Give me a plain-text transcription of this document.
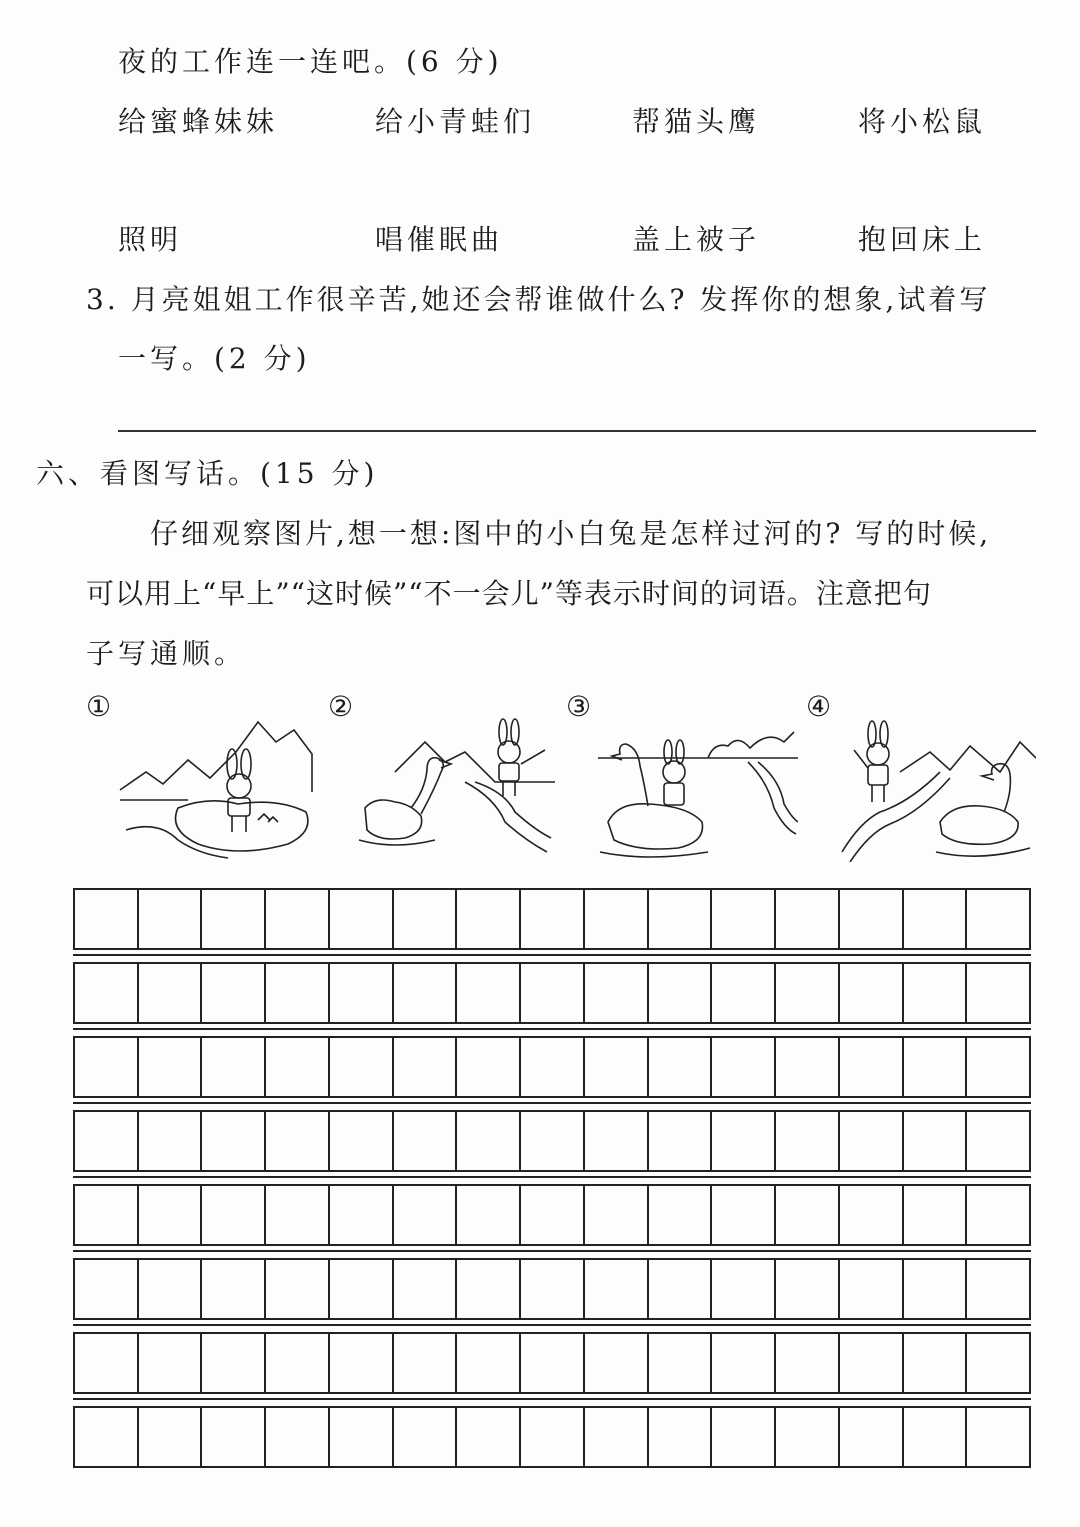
夜的工作连一连吧。(6 分)
给蜜蜂妹妹	给小青蛙们	帮猫头鹰	将小松鼠
照明	唱催眠曲	盖上被子	抱回床上
3. 月亮姐姐工作很辛苦,她还会帮谁做什么? 发挥你的想象,试着写
一写。(2 分)
六、看图写话。(15 分)
仔细观察图片,想一想:图中的小白兔是怎样过河的? 写的时候,
可以用上“早上”“这时候”“不一会儿”等表示时间的词语。注意把句
子写通顺。
①	②	③	④
